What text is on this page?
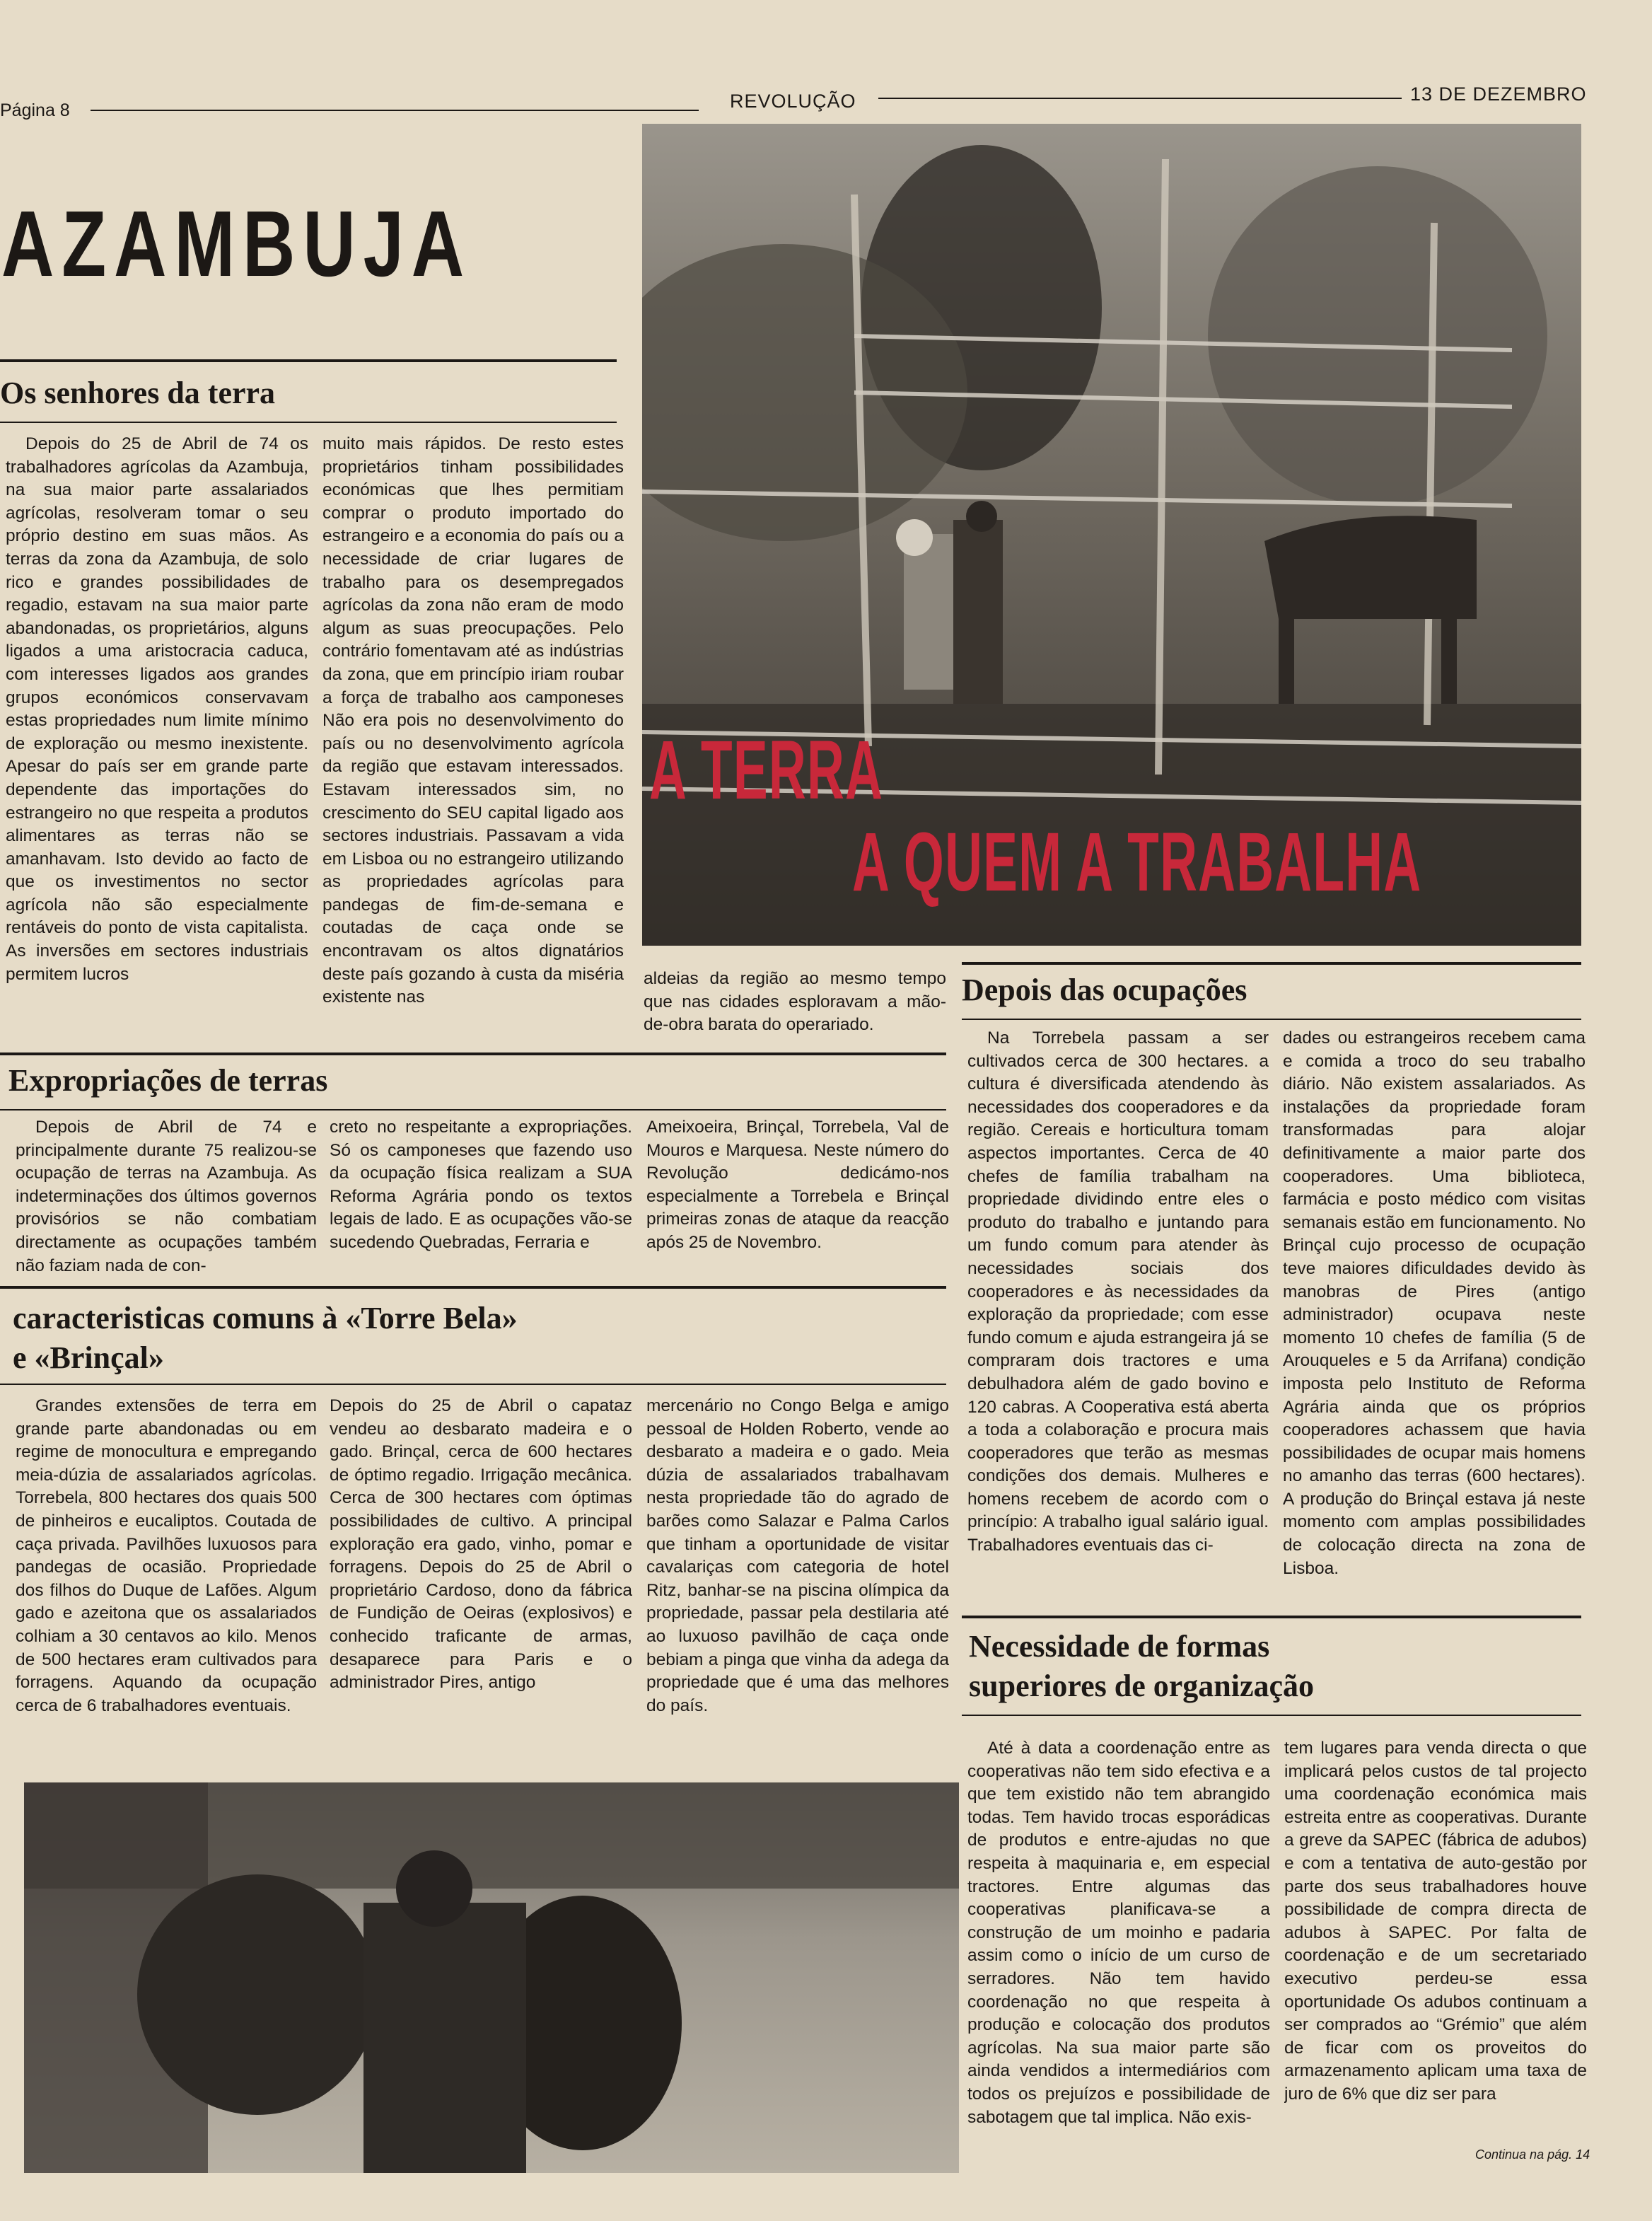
Página 8	REVOLUÇÃO	13 DE DEZEMBRO
AZAMBUJA
A TERRA
A QUEM A TRABALHA
Os senhores da terra

Depois do 25 de Abril de 74 os trabalhadores agrícolas da Azambuja, na sua maior parte assalariados agrícolas, resolveram tomar o seu próprio destino em suas mãos. As terras da zona da Azambuja, de solo rico e grandes possibilidades de regadio, estavam na sua maior parte abandonadas, os proprietários, alguns ligados a uma aristocracia caduca, com interesses ligados aos grandes grupos económicos conservavam estas propriedades num limite mínimo de exploração ou mesmo inexistente. Apesar do país ser em grande parte dependente das importações do estrangeiro no que respeita a produtos alimentares as terras não se amanhavam. Isto devido ao facto de que os investimentos no sector agrícola não são especialmente rentáveis do ponto de vista capitalista. As inversões em sectores industriais permitem lucros

muito mais rápidos. De resto estes proprietários tinham possibilidades económicas que lhes permitiam comprar o produto importado do estrangeiro e a economia do país ou a necessidade de criar lugares de trabalho para os desempregados agrícolas da zona não eram de modo algum as suas preocupações. Pelo contrário fomentavam até as indústrias da zona, que em princípio iriam roubar a força de trabalho aos camponeses Não era pois no desenvolvimento do país ou no desenvolvimento agrícola da região que estavam interessados. Estavam interessados sim, no crescimento do SEU capital ligado aos sectores industriais. Passavam a vida em Lisboa ou no estrangeiro utilizando as propriedades agrícolas para pandegas de fim-de-semana e coutadas de caça onde se encontravam os altos dignatários deste país gozando à custa da miséria existente nas
aldeias da região ao mesmo tempo que nas cidades esploravam a mão-de-obra barata do operariado.
Expropriações de terras

Depois de Abril de 74 e principalmente durante 75 realizou-se ocupação de terras na Azambuja. As indeterminações dos últimos governos provisórios se não combatiam directamente as ocupações também não faziam nada de con-

creto no respeitante a expropriações. Só os camponeses que fazendo uso da ocupação física realizam a SUA Reforma Agrária pondo os textos legais de lado. E as ocupações vão-se sucedendo Quebradas, Ferraria e
Ameixoeira, Brinçal, Torrebela, Val de Mouros e Marquesa. Neste número do Revolução dedicámo-nos especialmente a Torrebela e Brinçal primeiras zonas de ataque da reacção após 25 de Novembro.
caracteristicas comuns à «Torre Bela»
e «Brinçal»

Grandes extensões de terra em grande parte abandonadas ou em regime de monocultura e empregando meia-dúzia de assalariados agrícolas. Torrebela, 800 hectares dos quais 500 de pinheiros e eucaliptos. Coutada de caça privada. Pavilhões luxuosos para pandegas de ocasião. Propriedade dos filhos do Duque de Lafões. Algum gado e azeitona que os assalariados colhiam a 30 centavos ao kilo. Menos de 500 hectares eram cultivados para forragens. Aquando da ocupação cerca de 6 trabalhadores eventuais.

Depois do 25 de Abril o capataz vendeu ao desbarato madeira e o gado. Brinçal, cerca de 600 hectares de óptimo regadio. Irrigação mecânica. Cerca de 300 hectares com óptimas possibilidades de cultivo. A principal exploração era gado, vinho, pomar e forragens. Depois do 25 de Abril o proprietário Cardoso, dono da fábrica de Fundição de Oeiras (explosivos) e conhecido traficante de armas, desaparece para Paris e o administrador Pires, antigo
mercenário no Congo Belga e amigo pessoal de Holden Roberto, vende ao desbarato a madeira e o gado. Meia dúzia de assalariados trabalhavam nesta propriedade tão do agrado de barões como Salazar e Palma Carlos que tinham a oportunidade de visitar cavalariças com categoria de hotel Ritz, banhar-se na piscina olímpica da propriedade, passar pela destilaria até ao luxuoso pavilhão de caça onde bebiam a pinga que vinha da adega da propriedade que é uma das melhores do país.
Depois das ocupações

Na Torrebela passam a ser cultivados cerca de 300 hectares. a cultura é diversificada atendendo às necessidades dos cooperadores e da região. Cereais e horticultura tomam aspectos importantes. Cerca de 40 chefes de família trabalham na propriedade dividindo entre eles o produto do trabalho e juntando para um fundo comum para atender às necessidades sociais dos cooperadores e às necessidades da exploração da propriedade; com esse fundo comum e ajuda estrangeira já se compraram dois tractores e uma debulhadora além de gado bovino e 120 cabras. A Cooperativa está aberta a toda a colaboração e procura mais cooperadores que terão as mesmas condições dos demais. Mulheres e homens recebem de acordo com o princípio: A trabalho igual salário igual. Trabalhadores eventuais das ci-

dades ou estrangeiros recebem cama e comida a troco do seu trabalho diário. Não existem assalariados. As instalações da propriedade foram transformadas para alojar definitivamente a maior parte dos cooperadores. Uma biblioteca, farmácia e posto médico com visitas semanais estão em funcionamento. No Brinçal cujo processo de ocupação teve maiores dificuldades devido às manobras de Pires (antigo administrador) ocupava neste momento 10 chefes de família (5 de Arouqueles e 5 da Arrifana) condição imposta pelo Instituto de Reforma Agrária ainda que os próprios cooperadores achassem que havia possibilidades de ocupar mais homens no amanho das terras (600 hectares). A produção do Brinçal estava já neste momento com amplas possibilidades de colocação directa na zona de Lisboa.
Necessidade de formas
superiores de organização

Até à data a coordenação entre as cooperativas não tem sido efectiva e a que tem existido não tem abrangido todas. Tem havido trocas esporádicas de produtos e entre-ajudas no que respeita à maquinaria e, em especial tractores. Entre algumas das cooperativas planificava-se a construção de um moinho e padaria assim como o início de um curso de serradores. Não tem havido coordenação no que respeita à produção e colocação dos produtos agrícolas. Na sua maior parte são ainda vendidos a intermediários com todos os prejuízos e possibilidade de sabotagem que tal implica. Não exis-

tem lugares para venda directa o que implicará pelos custos de tal projecto uma coordenação económica mais estreita entre as cooperativas. Durante a greve da SAPEC (fábrica de adubos) e com a tentativa de auto-gestão por parte dos seus trabalhadores houve possibilidade de compra directa de adubos à SAPEC. Por falta de coordenação e de um secretariado executivo perdeu-se essa oportunidade Os adubos continuam a ser comprados ao “Grémio” que além de ficar com os proveitos do armazenamento aplicam uma taxa de juro de 6% que diz ser para
Continua na pág. 14
